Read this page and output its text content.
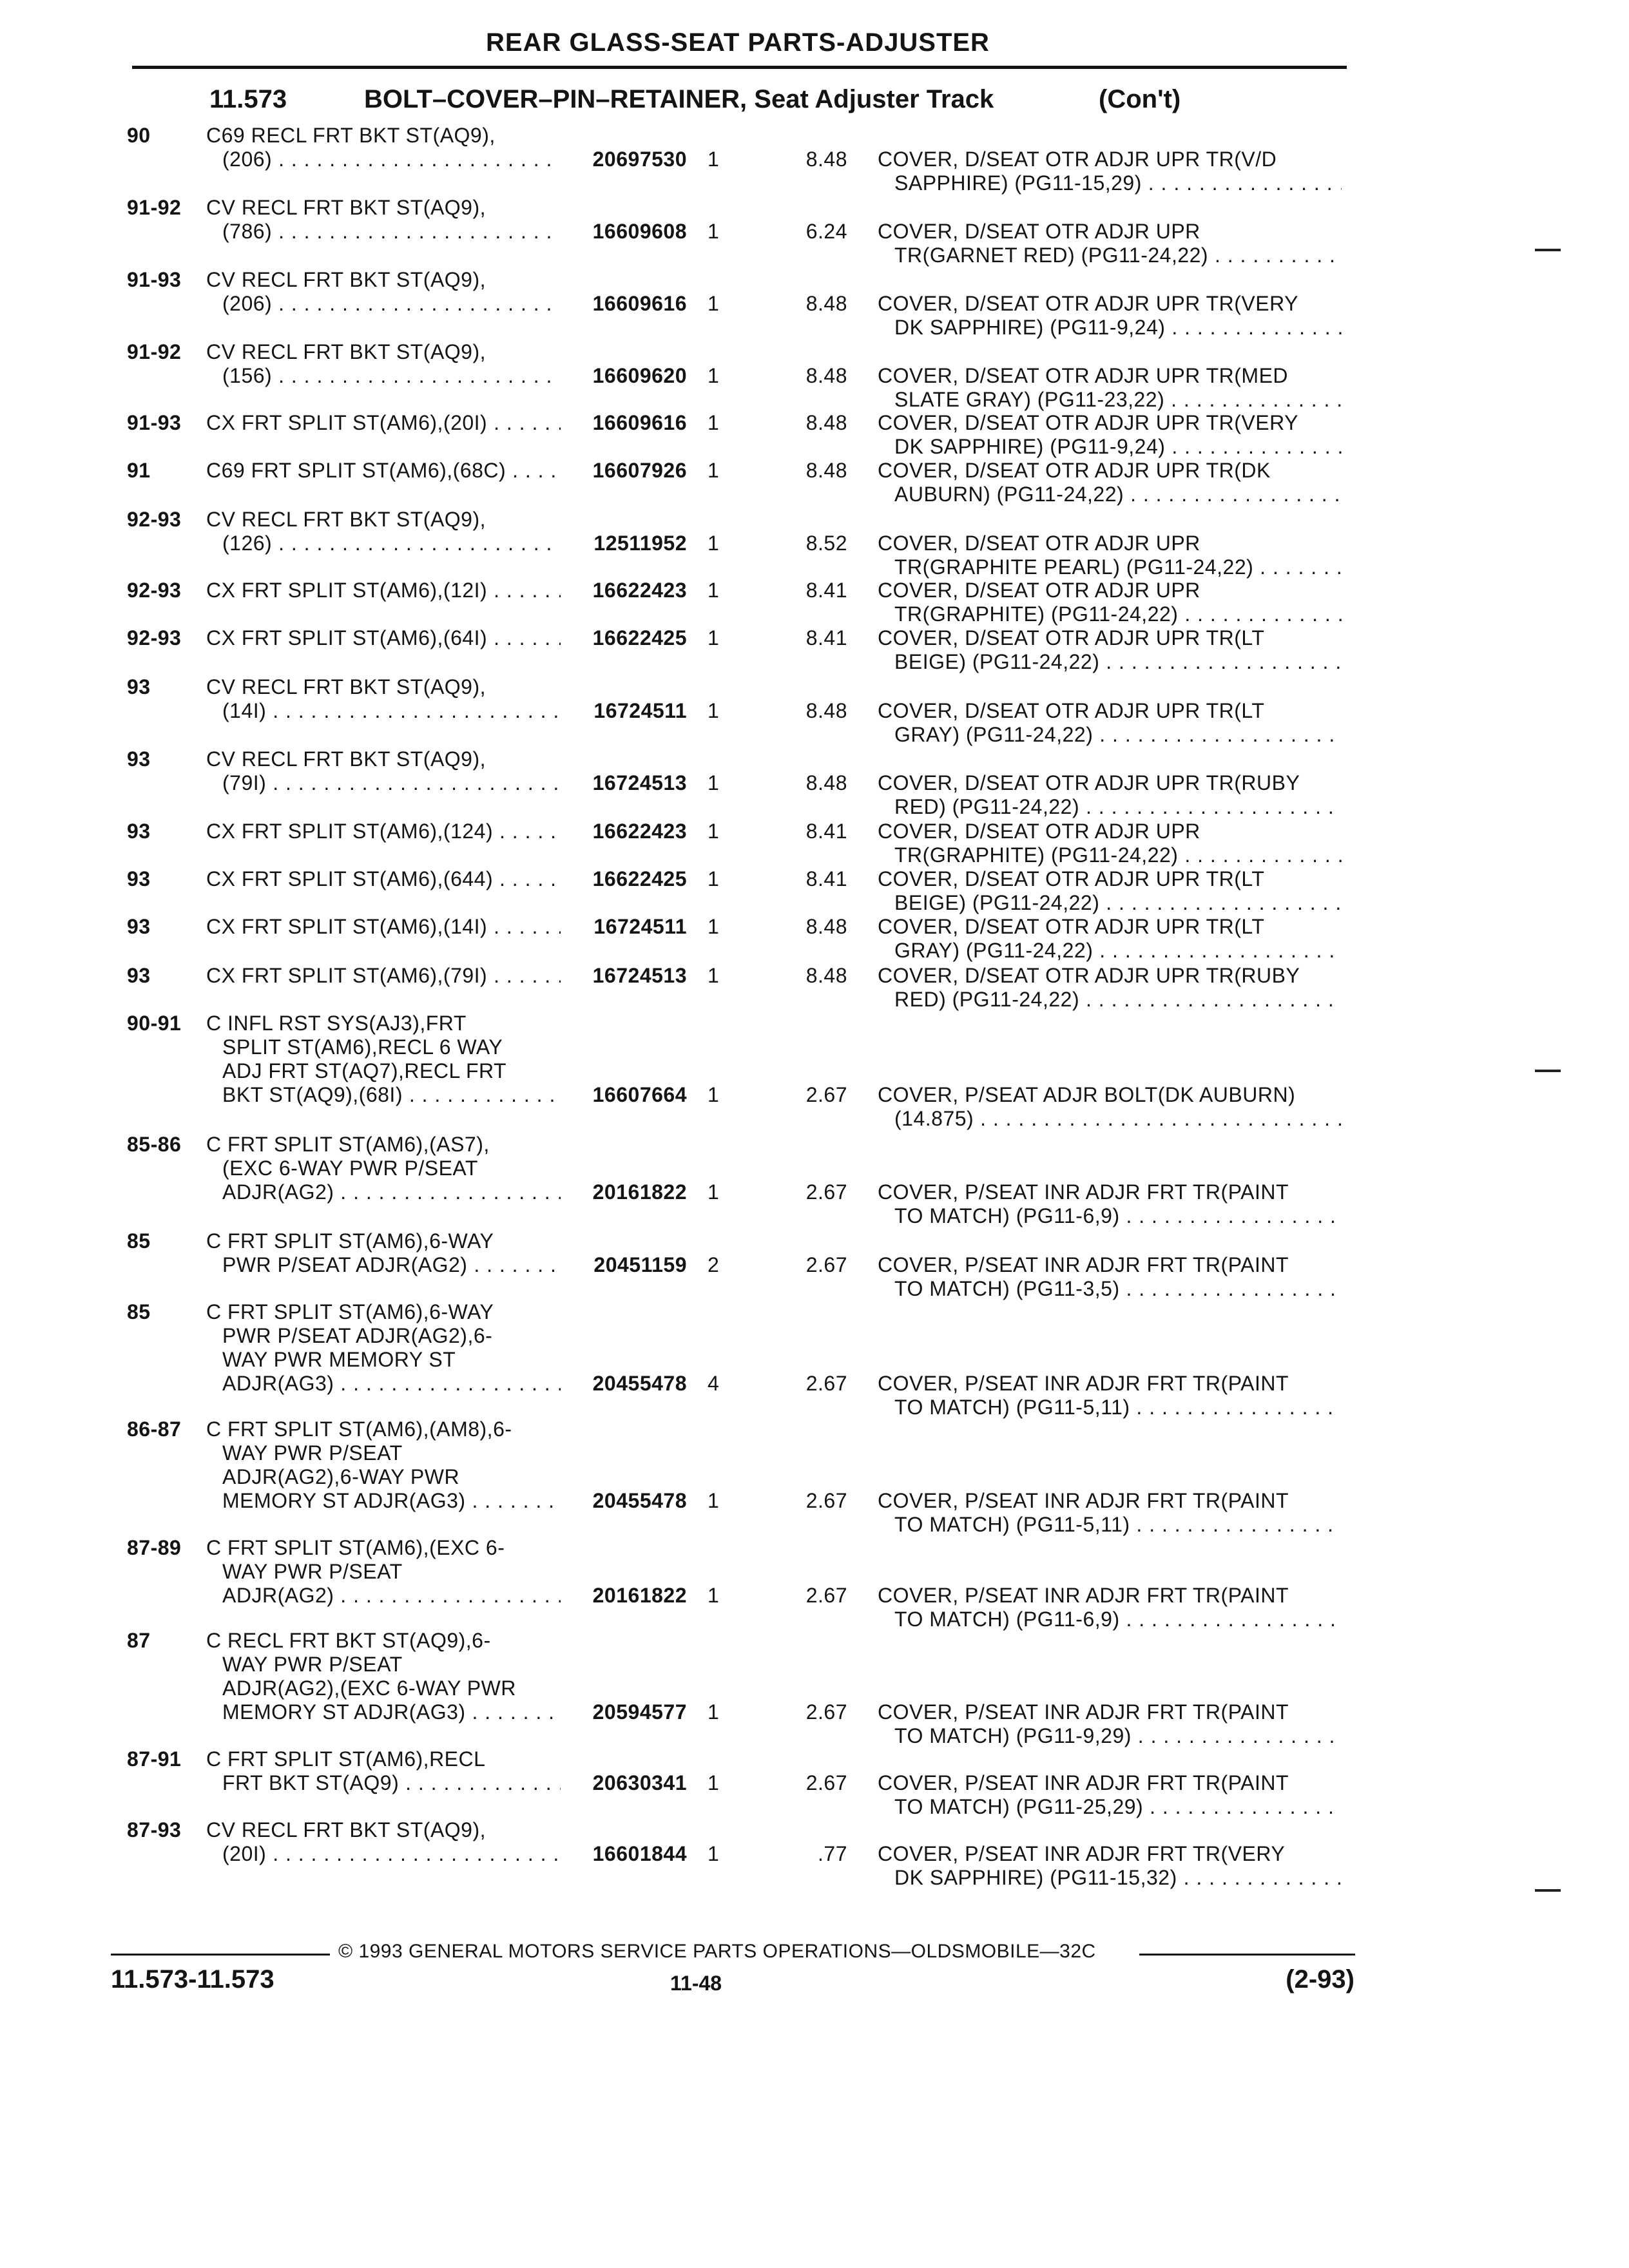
REAR GLASS-SEAT PARTS-ADJUSTER
11.573	BOLT–COVER–PIN–RETAINER, Seat Adjuster Track	(Con't)
90	C69 RECL FRT BKT ST(AQ9),
(206) . . .	20697530 1	8.48 COVER, D/SEAT OTR ADJR UPR TR(V/D
SAPPHIRE) (PG11-15,29) . . .
91-92 CV RECL FRT BKT ST(AQ9),
(786) . . .	16609608 1	6.24 COVER, D/SEAT OTR ADJR UPR
TR(GARNET RED) (PG11-24,22) . . .
91-93 CV RECL FRT BKT ST(AQ9),
(206) . . .	16609616 1	8.48 COVER, D/SEAT OTR ADJR UPR TR(VERY
DK SAPPHIRE) (PG11-9,24) . . .
91-92 CV RECL FRT BKT ST(AQ9),
(156) . . .	16609620 1	8.48 COVER, D/SEAT OTR ADJR UPR TR(MED
SLATE GRAY) (PG11-23,22) . . .
91-93 CX FRT SPLIT ST(AM6),(20I) . . .	16609616 1	8.48 COVER, D/SEAT OTR ADJR UPR TR(VERY
DK SAPPHIRE) (PG11-9,24) . . .
91	C69 FRT SPLIT ST(AM6),(68C) . . .	16607926 1	8.48 COVER, D/SEAT OTR ADJR UPR TR(DK
AUBURN) (PG11-24,22) . . .
92-93 CV RECL FRT BKT ST(AQ9),
(126) . . .	12511952 1	8.52 COVER, D/SEAT OTR ADJR UPR
TR(GRAPHITE PEARL) (PG11-24,22) . . .
92-93 CX FRT SPLIT ST(AM6),(12I) . . .	16622423 1	8.41 COVER, D/SEAT OTR ADJR UPR
TR(GRAPHITE) (PG11-24,22) . . .
92-93 CX FRT SPLIT ST(AM6),(64I) . . .	16622425 1	8.41 COVER, D/SEAT OTR ADJR UPR TR(LT
BEIGE) (PG11-24,22) . . .
93	CV RECL FRT BKT ST(AQ9),
(14I) . . .	16724511 1	8.48 COVER, D/SEAT OTR ADJR UPR TR(LT
GRAY) (PG11-24,22) . . .
93	CV RECL FRT BKT ST(AQ9),
(79I) . . .	16724513 1	8.48 COVER, D/SEAT OTR ADJR UPR TR(RUBY
RED) (PG11-24,22) . . .
93	CX FRT SPLIT ST(AM6),(124) . . .	16622423 1	8.41 COVER, D/SEAT OTR ADJR UPR
TR(GRAPHITE) (PG11-24,22) . . .
93	CX FRT SPLIT ST(AM6),(644) . . .	16622425 1	8.41 COVER, D/SEAT OTR ADJR UPR TR(LT
BEIGE) (PG11-24,22) . . .
93	CX FRT SPLIT ST(AM6),(14I) . . .	16724511 1	8.48 COVER, D/SEAT OTR ADJR UPR TR(LT
GRAY) (PG11-24,22) . . .
93	CX FRT SPLIT ST(AM6),(79I) . . .	16724513 1	8.48 COVER, D/SEAT OTR ADJR UPR TR(RUBY
RED) (PG11-24,22) . . .
90-91 C INFL RST SYS(AJ3),FRT
SPLIT ST(AM6),RECL 6 WAY
ADJ FRT ST(AQ7),RECL FRT
BKT ST(AQ9),(68I) . . .	16607664 1	2.67 COVER, P/SEAT ADJR BOLT(DK AUBURN)
(14.875) . . .
85-86 C FRT SPLIT ST(AM6),(AS7),
(EXC 6-WAY PWR P/SEAT
ADJR(AG2) . . .	20161822 1	2.67 COVER, P/SEAT INR ADJR FRT TR(PAINT
TO MATCH) (PG11-6,9) . . .
85	C FRT SPLIT ST(AM6),6-WAY
PWR P/SEAT ADJR(AG2) . . .	20451159 2	2.67 COVER, P/SEAT INR ADJR FRT TR(PAINT
TO MATCH) (PG11-3,5) . . .
85	C FRT SPLIT ST(AM6),6-WAY
PWR P/SEAT ADJR(AG2),6-
WAY PWR MEMORY ST
ADJR(AG3) . . .	20455478 4	2.67 COVER, P/SEAT INR ADJR FRT TR(PAINT
TO MATCH) (PG11-5,11) . . .
86-87 C FRT SPLIT ST(AM6),(AM8),6-
WAY PWR P/SEAT
ADJR(AG2),6-WAY PWR
MEMORY ST ADJR(AG3) . . .	20455478 1	2.67 COVER, P/SEAT INR ADJR FRT TR(PAINT
TO MATCH) (PG11-5,11) . . .
87-89 C FRT SPLIT ST(AM6),(EXC 6-
WAY PWR P/SEAT
ADJR(AG2) . . .	20161822 1	2.67 COVER, P/SEAT INR ADJR FRT TR(PAINT
TO MATCH) (PG11-6,9) . . .
87	C RECL FRT BKT ST(AQ9),6-
WAY PWR P/SEAT
ADJR(AG2),(EXC 6-WAY PWR
MEMORY ST ADJR(AG3) . . .	20594577 1	2.67 COVER, P/SEAT INR ADJR FRT TR(PAINT
TO MATCH) (PG11-9,29) . . .
87-91 C FRT SPLIT ST(AM6),RECL
FRT BKT ST(AQ9) . . .	20630341 1	2.67 COVER, P/SEAT INR ADJR FRT TR(PAINT
TO MATCH) (PG11-25,29) . . .
87-93 CV RECL FRT BKT ST(AQ9),
(20I) . . .	16601844 1	.77 COVER, P/SEAT INR ADJR FRT TR(VERY
DK SAPPHIRE) (PG11-15,32) . . .
© 1993 GENERAL MOTORS SERVICE PARTS OPERATIONS—OLDSMOBILE—32C
11.573-11.573	11-48	(2-93)
